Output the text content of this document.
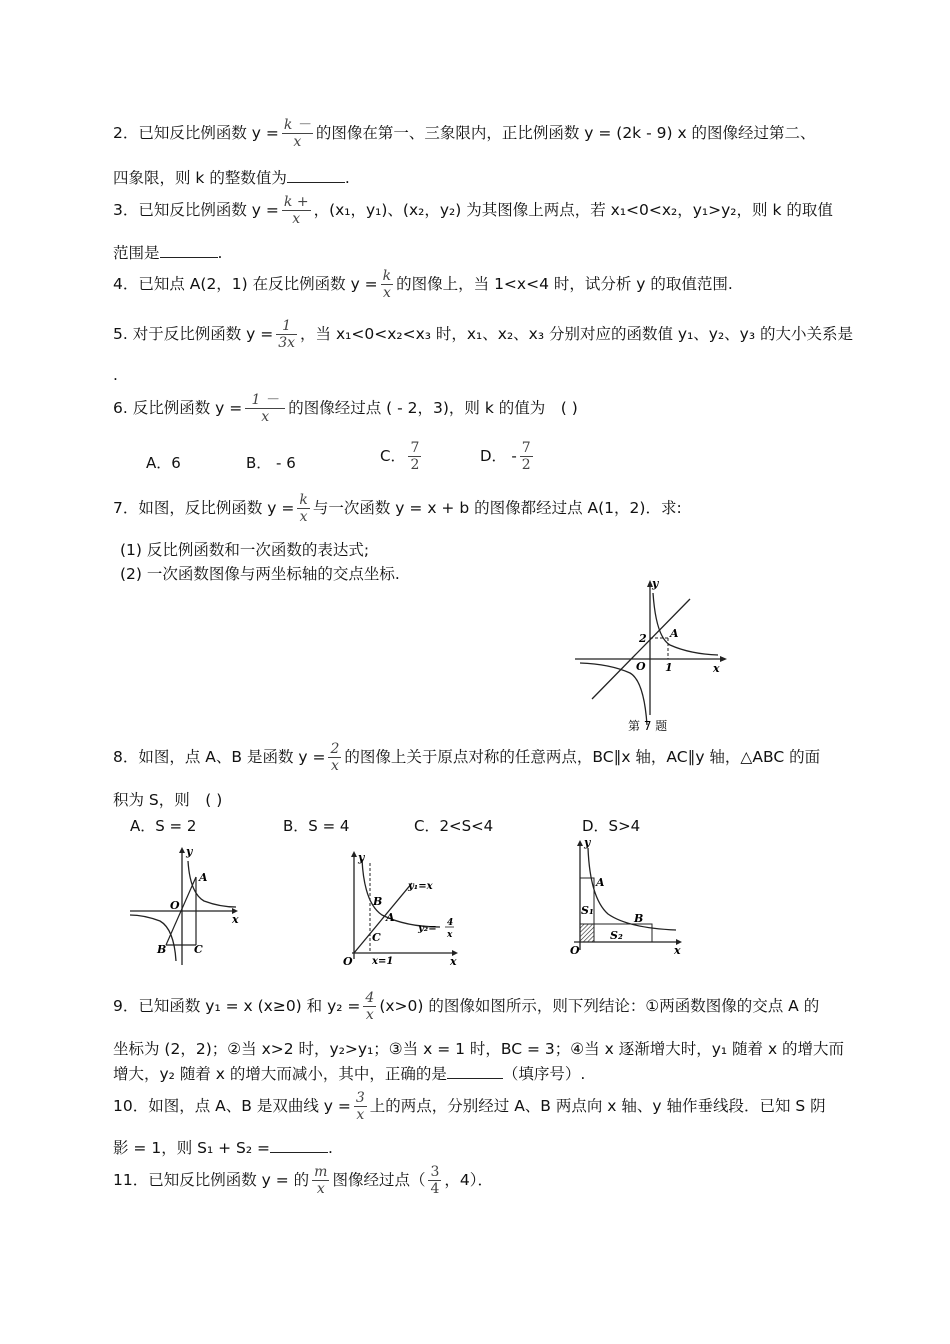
2．已知反比例函数 $y = \frac{k -}{x}$ 的图像在第一、三象限内，正比例函数 y = (2k - 9) x 的图像经过第二、
四象限，则 k 的整数值为	.
3．已知反比例函数 $y = \frac{k +}{x}$ ，(x₁，y₁)、(x₂，y₂) 为其图像上两点，若 x₁<0<x₂，y₁>y₂，则 k 的取值
范围是	.
4．已知点 A(2，1) 在反比例函数 $y = \frac{k}{x}$ 的图像上，当 1<x<4 时，试分析 y 的取值范围.
5. 对于反比例函数 $y = \frac{1}{3x}$ ，当 x₁<0<x₂<x₃ 时，x₁、x₂、x₃ 分别对应的函数值 y₁、y₂、y₃ 的大小关系是
.
6. 反比例函数 $y = \frac{1 -}{x}$ 的图像经过点 ( - 2，3)，则 k 的值为　( )
A．6	B． - 6	C． $\frac{7}{2}$	D． - $\frac{7}{2}$
7．如图，反比例函数 $y = \frac{k}{x}$ 与一次函数 y = x + b 的图像都经过点 A(1，2)．求:
(1) 反比例函数和一次函数的表达式;
(2) 一次函数图像与两坐标轴的交点坐标.
y
x
O
A
2
1
第 7 题
8．如图，点 A、B 是函数 $y = \frac{2}{x}$ 的图像上关于原点对称的任意两点，BC∥x 轴，AC∥y 轴，△ABC 的面
积为 S，则　( )
A．S = 2	B．S = 4	C．2<S<4	D．S>4
y
x
O
A
B	C
y
x
O
B
A
C
y₁=x
y₂= 4
x
x=1
y
x
O
A
B
S₁
S₂
9．已知函数 y₁ = x (x≥0) 和 $y_2 = \frac{4}{x} (x>0)$ 的图像如图所示，则下列结论：①两函数图像的交点 A 的
坐标为 (2，2)；②当 x>2 时，y₂>y₁；③当 x = 1 时，BC = 3；④当 x 逐渐增大时，y₁ 随着 x 的增大而
增大，y₂ 随着 x 的增大而减小，其中，正确的是	（填序号）.
10．如图，点 A、B 是双曲线 $y = \frac{3}{x}$ 上的两点，分别经过 A、B 两点向 x 轴、y 轴作垂线段．已知 S 阴
影 = 1，则 S₁ + S₂ =	.
11．已知反比例函数 y = 的 $\frac{m}{x}$ 图像经过点（ $\frac{3}{4}$ ，4）．
